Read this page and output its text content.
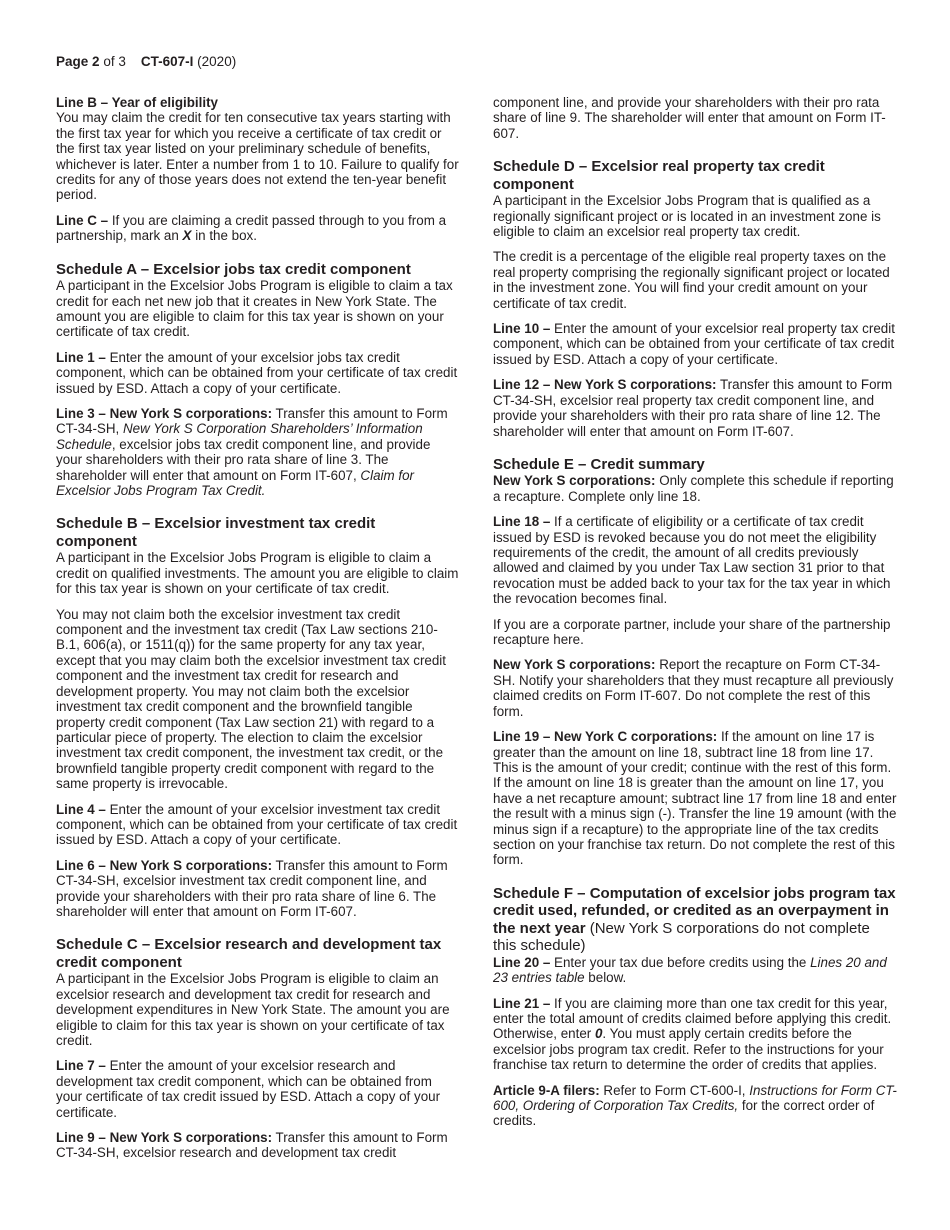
Page 2 of 3 CT-607-I (2020)

Line B – Year of eligibility

You may claim the credit for ten consecutive tax years starting with the first tax year for which you receive a certificate of tax credit or the first tax year listed on your preliminary schedule of benefits, whichever is later. Enter a number from 1 to 10. Failure to qualify for credits for any of those years does not extend the ten-year benefit period.

Line C – If you are claiming a credit passed through to you from a partnership, mark an X in the box.

Schedule A – Excelsior jobs tax credit component

A participant in the Excelsior Jobs Program is eligible to claim a tax credit for each net new job that it creates in New York State. The amount you are eligible to claim for this tax year is shown on your certificate of tax credit.

Line 1 – Enter the amount of your excelsior jobs tax credit component, which can be obtained from your certificate of tax credit issued by ESD. Attach a copy of your certificate.

Line 3 – New York S corporations: Transfer this amount to Form CT-34-SH, New York S Corporation Shareholders’ Information Schedule, excelsior jobs tax credit component line, and provide your shareholders with their pro rata share of line 3. The shareholder will enter that amount on Form IT-607, Claim for Excelsior Jobs Program Tax Credit.

Schedule B – Excelsior investment tax credit component

A participant in the Excelsior Jobs Program is eligible to claim a credit on qualified investments. The amount you are eligible to claim for this tax year is shown on your certificate of tax credit.

You may not claim both the excelsior investment tax credit component and the investment tax credit (Tax Law sections 210-B.1, 606(a), or 1511(q)) for the same property for any tax year, except that you may claim both the excelsior investment tax credit component and the investment tax credit for research and development property. You may not claim both the excelsior investment tax credit component and the brownfield tangible property credit component (Tax Law section 21) with regard to a particular piece of property. The election to claim the excelsior investment tax credit component, the investment tax credit, or the brownfield tangible property credit component with regard to the same property is irrevocable.

Line 4 – Enter the amount of your excelsior investment tax credit component, which can be obtained from your certificate of tax credit issued by ESD. Attach a copy of your certificate.

Line 6 – New York S corporations: Transfer this amount to Form CT-34-SH, excelsior investment tax credit component line, and provide your shareholders with their pro rata share of line 6. The shareholder will enter that amount on Form IT-607.

Schedule C – Excelsior research and development tax credit component

A participant in the Excelsior Jobs Program is eligible to claim an excelsior research and development tax credit for research and development expenditures in New York State. The amount you are eligible to claim for this tax year is shown on your certificate of tax credit.

Line 7 – Enter the amount of your excelsior research and development tax credit component, which can be obtained from your certificate of tax credit issued by ESD. Attach a copy of your certificate.

Line 9 – New York S corporations: Transfer this amount to Form CT-34-SH, excelsior research and development tax credit

component line, and provide your shareholders with their pro rata share of line 9. The shareholder will enter that amount on Form IT-607.

Schedule D – Excelsior real property tax credit component

A participant in the Excelsior Jobs Program that is qualified as a regionally significant project or is located in an investment zone is eligible to claim an excelsior real property tax credit.

The credit is a percentage of the eligible real property taxes on the real property comprising the regionally significant project or located in the investment zone. You will find your credit amount on your certificate of tax credit.

Line 10 – Enter the amount of your excelsior real property tax credit component, which can be obtained from your certificate of tax credit issued by ESD. Attach a copy of your certificate.

Line 12 – New York S corporations: Transfer this amount to Form CT-34-SH, excelsior real property tax credit component line, and provide your shareholders with their pro rata share of line 12. The shareholder will enter that amount on Form IT-607.

Schedule E – Credit summary

New York S corporations: Only complete this schedule if reporting a recapture. Complete only line 18.

Line 18 – If a certificate of eligibility or a certificate of tax credit issued by ESD is revoked because you do not meet the eligibility requirements of the credit, the amount of all credits previously allowed and claimed by you under Tax Law section 31 prior to that revocation must be added back to your tax for the tax year in which the revocation becomes final.

If you are a corporate partner, include your share of the partnership recapture here.

New York S corporations: Report the recapture on Form CT-34-SH. Notify your shareholders that they must recapture all previously claimed credits on Form IT-607. Do not complete the rest of this form.

Line 19 – New York C corporations: If the amount on line 17 is greater than the amount on line 18, subtract line 18 from line 17. This is the amount of your credit; continue with the rest of this form. If the amount on line 18 is greater than the amount on line 17, you have a net recapture amount; subtract line 17 from line 18 and enter the result with a minus sign (-). Transfer the line 19 amount (with the minus sign if a recapture) to the appropriate line of the tax credits section on your franchise tax return. Do not complete the rest of this form.

Schedule F – Computation of excelsior jobs program tax credit used, refunded, or credited as an overpayment in the next year (New York S corporations do not complete this schedule)

Line 20 – Enter your tax due before credits using the Lines 20 and 23 entries table below.

Line 21 – If you are claiming more than one tax credit for this year, enter the total amount of credits claimed before applying this credit. Otherwise, enter 0. You must apply certain credits before the excelsior jobs program tax credit. Refer to the instructions for your franchise tax return to determine the order of credits that applies.

Article 9-A filers: Refer to Form CT-600-I, Instructions for Form CT-600, Ordering of Corporation Tax Credits, for the correct order of credits.
